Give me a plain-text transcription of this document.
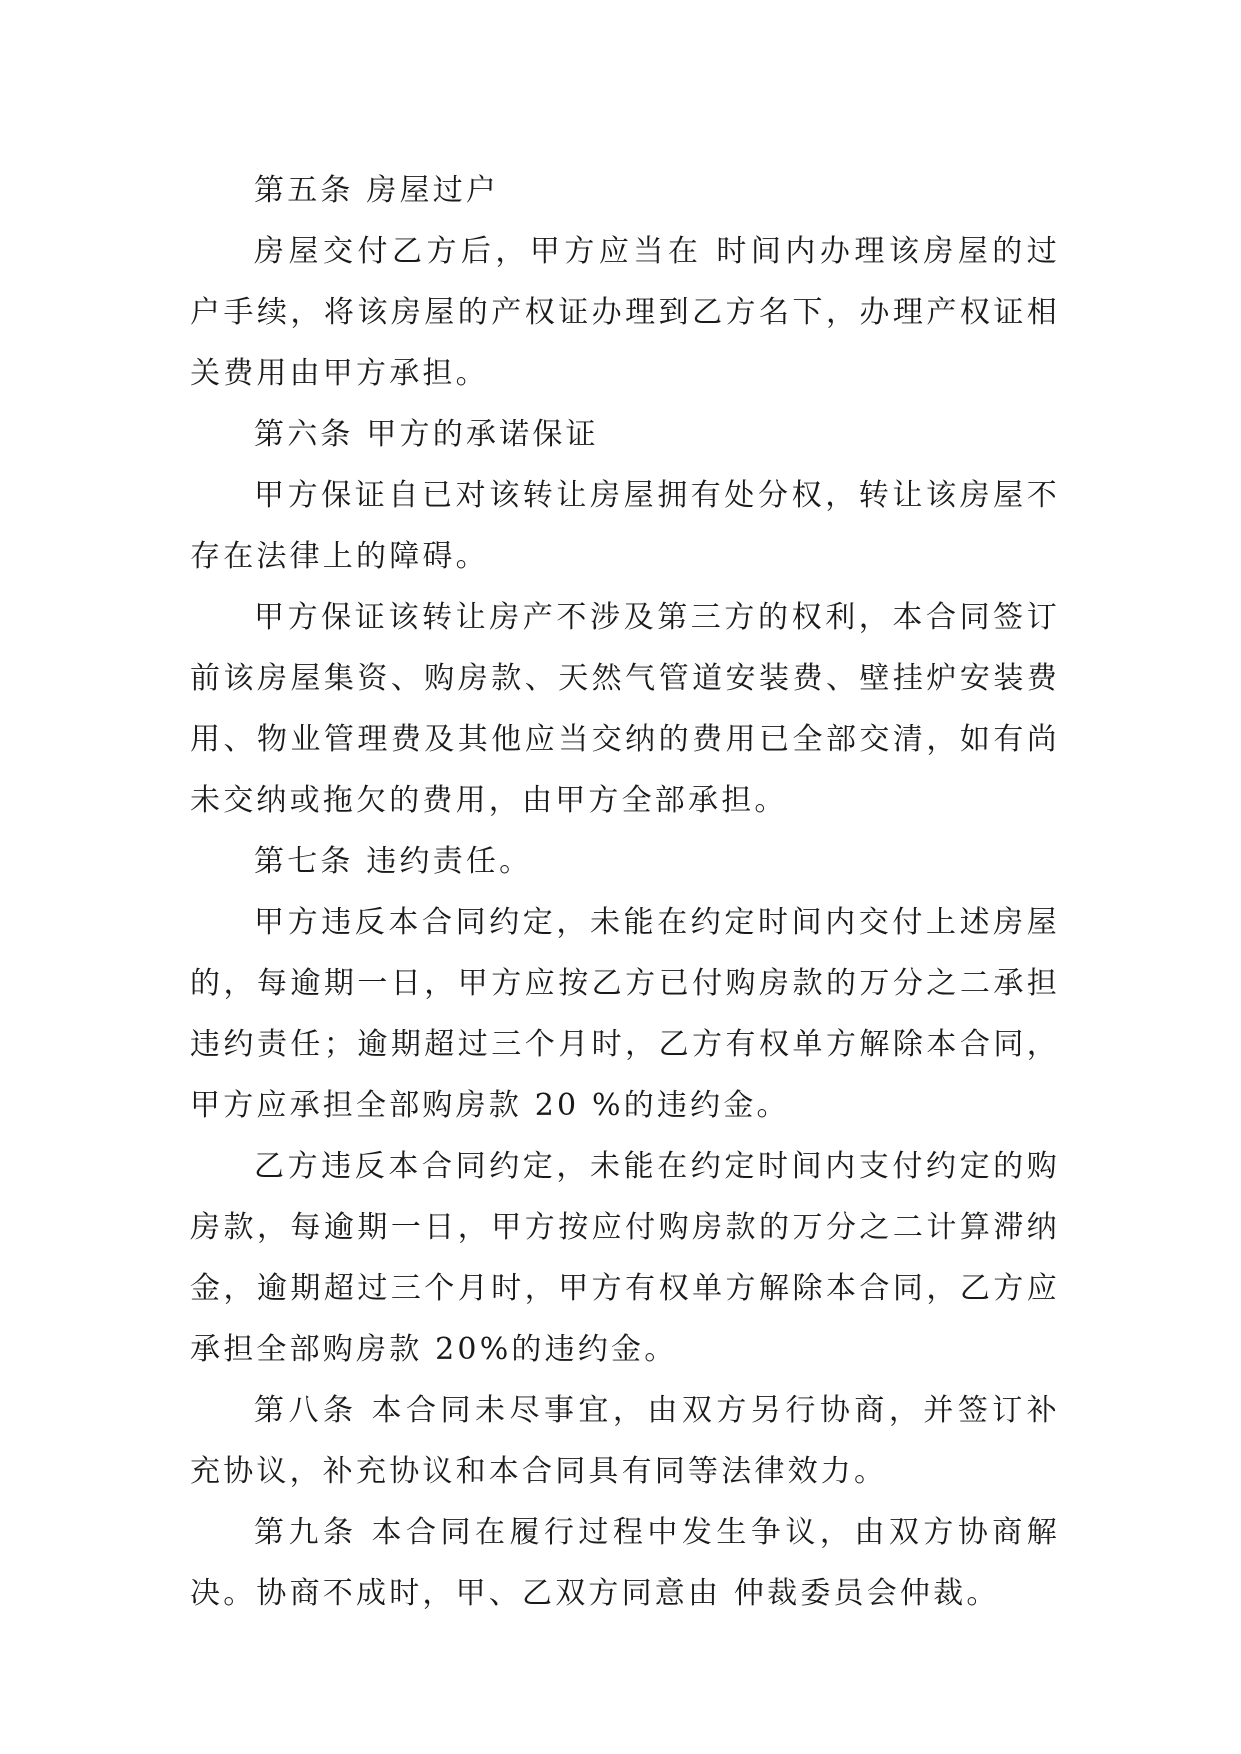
第五条 房屋过户

房屋交付乙方后，甲方应当在 时间内办理该房屋的过户手续，将该房屋的产权证办理到乙方名下，办理产权证相关费用由甲方承担。

第六条 甲方的承诺保证

甲方保证自已对该转让房屋拥有处分权，转让该房屋不存在法律上的障碍。

甲方保证该转让房产不涉及第三方的权利，本合同签订前该房屋集资、购房款、天然气管道安装费、壁挂炉安装费用、物业管理费及其他应当交纳的费用已全部交清，如有尚未交纳或拖欠的费用，由甲方全部承担。

第七条 违约责任。

甲方违反本合同约定，未能在约定时间内交付上述房屋的，每逾期一日，甲方应按乙方已付购房款的万分之二承担违约责任；逾期超过三个月时，乙方有权单方解除本合同，甲方应承担全部购房款 20 %的违约金。

乙方违反本合同约定，未能在约定时间内支付约定的购房款，每逾期一日，甲方按应付购房款的万分之二计算滞纳金，逾期超过三个月时，甲方有权单方解除本合同，乙方应承担全部购房款 20%的违约金。

第八条 本合同未尽事宜，由双方另行协商，并签订补充协议，补充协议和本合同具有同等法律效力。

第九条 本合同在履行过程中发生争议，由双方协商解决。协商不成时，甲、乙双方同意由 仲裁委员会仲裁。
